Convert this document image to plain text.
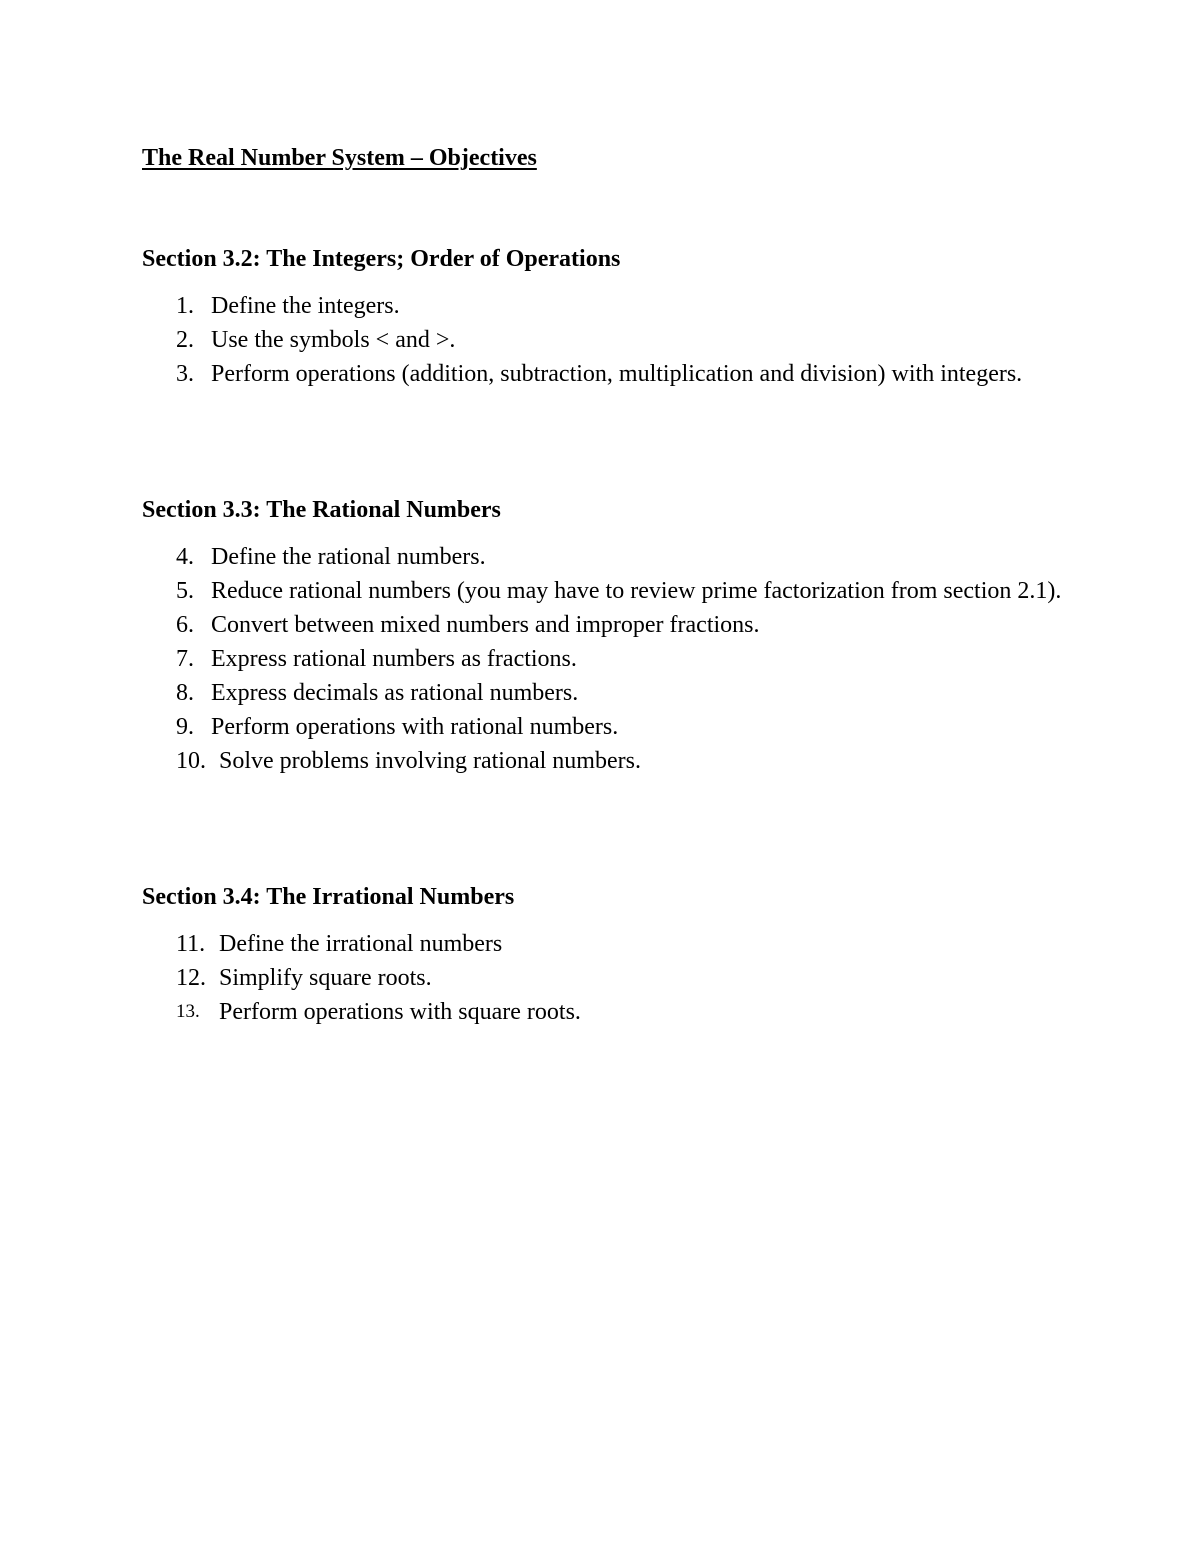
The Real Number System – Objectives
Section 3.2: The Integers; Order of Operations
1. Define the integers.
2. Use the symbols < and >.
3. Perform operations (addition, subtraction, multiplication and division) with integers.
Section 3.3: The Rational Numbers
4. Define the rational numbers.
5. Reduce rational numbers (you may have to review prime factorization from section 2.1).
6. Convert between mixed numbers and improper fractions.
7. Express rational numbers as fractions.
8. Express decimals as rational numbers.
9. Perform operations with rational numbers.
10. Solve problems involving rational numbers.
Section 3.4: The Irrational Numbers
11. Define the irrational numbers
12. Simplify square roots.
13. Perform operations with square roots.
